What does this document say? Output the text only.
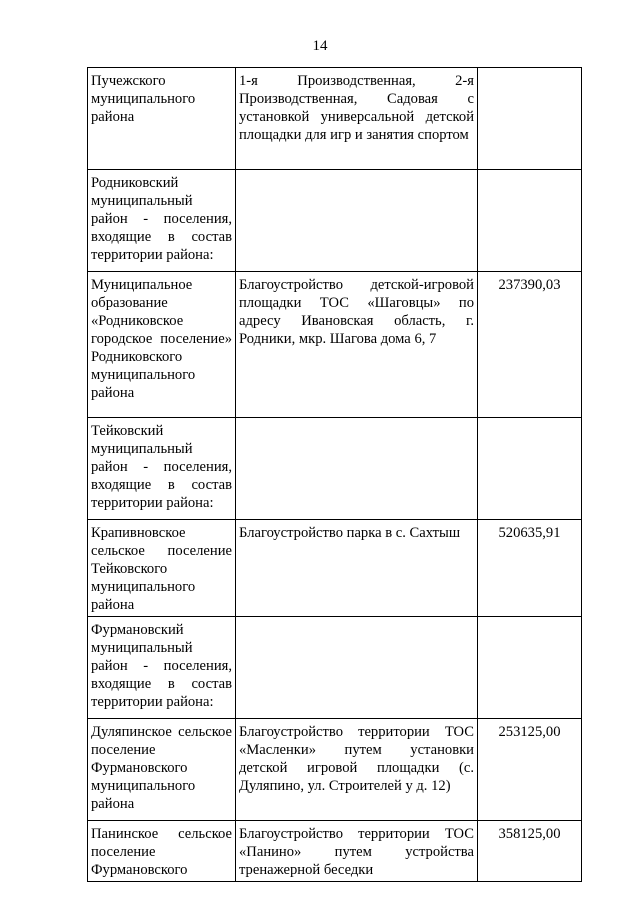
14
Пучежского муниципального района	1-я Производственная, 2-я Производственная, Садовая с установкой универсальной детской площадки для игр и занятия спортом	
Родниковский муниципальный район - поселения, входящие в состав территории района:		
Муниципальное образование «Родниковское городское поселение» Родниковского муниципального района	Благоустройство детской-игровой площадки ТОС «Шаговцы» по адресу Ивановская область, г. Родники, мкр. Шагова дома 6, 7	237390,03
Тейковский муниципальный район - поселения, входящие в состав территории района:		
Крапивновское сельское поселение Тейковского муниципального района	Благоустройство парка в с. Сахтыш	520635,91
Фурмановский муниципальный район - поселения, входящие в состав территории района:		
Дуляпинское сельское поселение Фурмановского муниципального района	Благоустройство территории ТОС «Масленки» путем установки детской игровой площадки (с. Дуляпино, ул. Строителей у д. 12)	253125,00

Панинское сельское поселение Фурмановского	Благоустройство территории ТОС «Панино» путем устройства тренажерной беседки	358125,00
